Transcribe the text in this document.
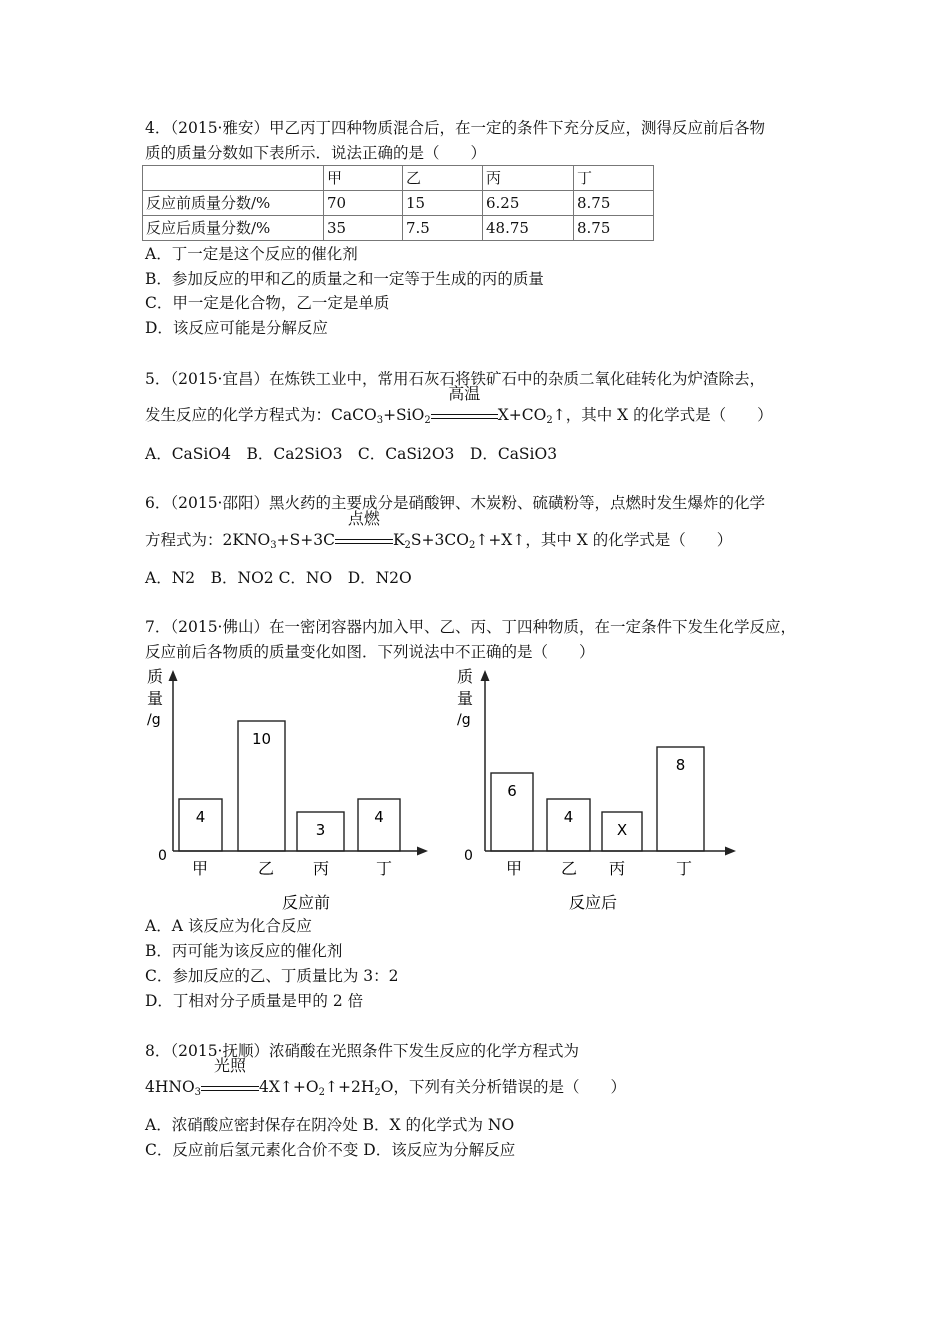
4．（2015·雅安）甲乙丙丁四种物质混合后，在一定的条件下充分反应，测得反应前后各物
质的质量分数如下表所示．说法正确的是（　　）
	甲	乙	丙	丁
反应前质量分数/%	70	15	6.25	8.75
反应后质量分数/%	35	7.5	48.75	8.75
A．丁一定是这个反应的催化剂
B．参加反应的甲和乙的质量之和一定等于生成的丙的质量
C．甲一定是化合物，乙一定是单质
D．该反应可能是分解反应
5．（2015·宜昌）在炼铁工业中，常用石灰石将铁矿石中的杂质二氧化硅转化为炉渣除去，
发生反应的化学方程式为：CaCO$_3$+SiO$_2$
高温
$X+CO_2↑$，其中 X 的化学式是（　　）
A．CaSiO4　B．Ca2SiO3　C．CaSi2O3　D．CaSiO3
6．（2015·邵阳）黑火药的主要成分是硝酸钾、木炭粉、硫磺粉等，点燃时发生爆炸的化学
方程式为：$2KNO_3+S+3C$
点燃
$K_2S+3CO_2↑+X↑$，其中 X 的化学式是（　　）
A．N2　B．NO2 C．NO　D．N2O
7．（2015·佛山）在一密闭容器内加入甲、乙、丙、丁四种物质，在一定条件下发生化学反应，
反应前后各物质的质量变化如图．下列说法中不正确的是（　　）
4
10
3
4
质
量
/g
0
甲	乙 丙	丁
反应前
6
4
X
8
质
量
/g
0
甲 乙 丙	丁
反应后
A．A 该反应为化合反应
B．丙可能为该反应的催化剂
C．参加反应的乙、丁质量比为 3：2
D．丁相对分子质量是甲的 2 倍
8．（2015·抚顺）浓硝酸在光照条件下发生反应的化学方程式为
$4HNO_3$
光照
$4X↑+O_2↑+2H_2O$，下列有关分析错误的是（　　）
A．浓硝酸应密封保存在阴冷处 B．X 的化学式为 NO
C．反应前后氢元素化合价不变 D．该反应为分解反应
